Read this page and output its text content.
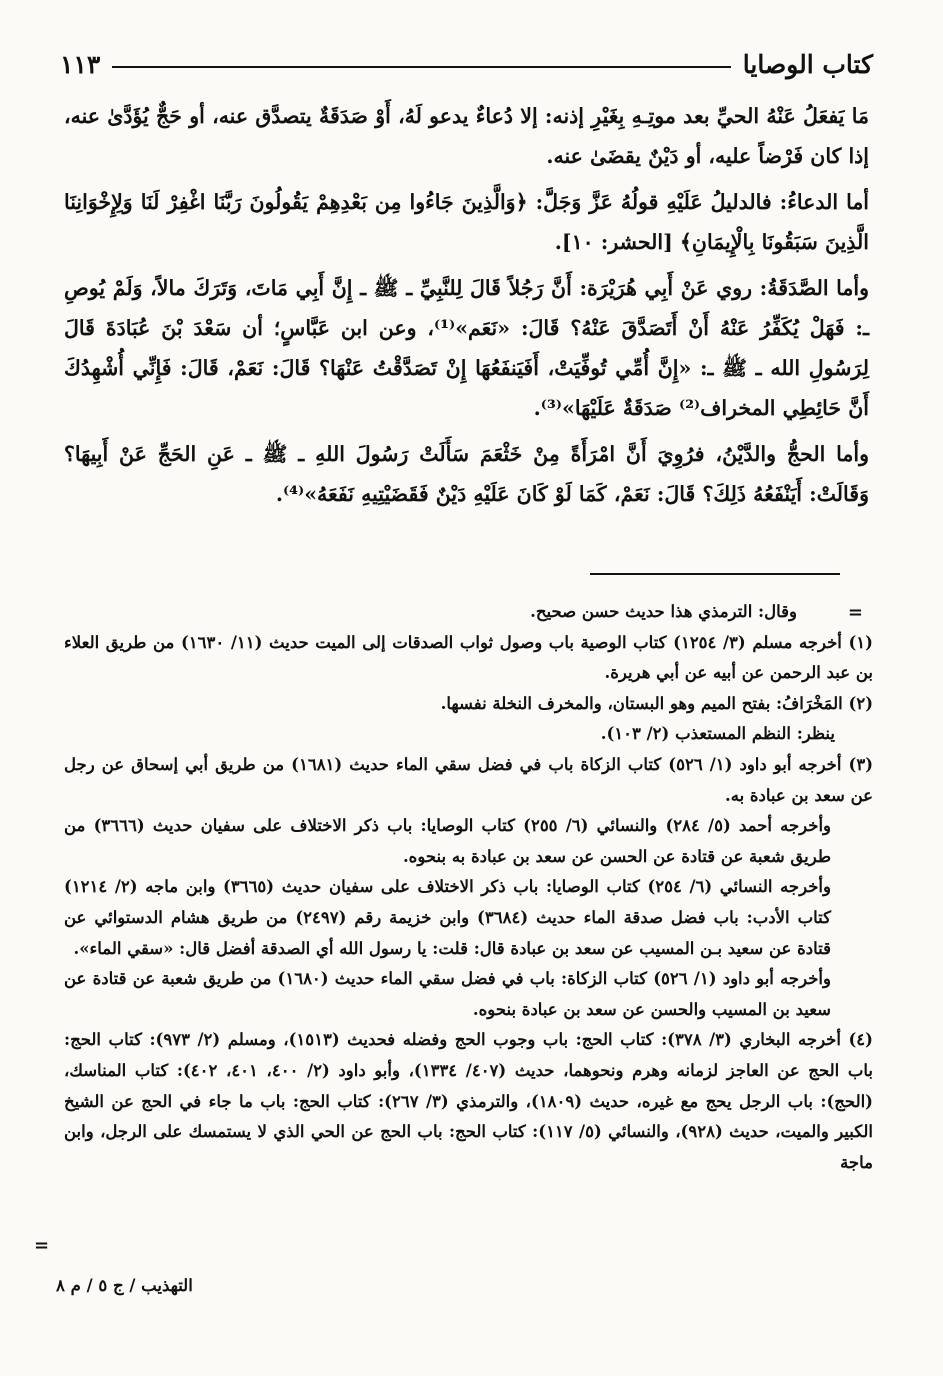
كتاب الوصايا
١١٣

مَا يَفعَلُ عَنْهُ الحيِّ بعد موتِـهِ بِغَيْرِ إذنه: إلا دُعاءٌ يدعو لَهُ، أَوْ صَدَقَةٌ يتصدَّق عنه، أو حَجٌّ يُؤَدَّىٰ عنه، إذا كان فَرْضاً عليه، أو دَيْنٌ يقضَىٰ عنه.

أما الدعاءُ: فالدليلُ عَلَيْهِ قولُهُ عَزَّ وَجَلَّ: ﴿وَالَّذِينَ جَاءُوا مِن بَعْدِهِمْ يَقُولُونَ رَبَّنَا اغْفِرْ لَنَا وَلِإِخْوَانِنَا الَّذِينَ سَبَقُونَا بِالْإِيمَانِ﴾ [الحشر: ١٠].

وأما الصَّدَقَةُ: روي عَنْ أَبِي هُرَيْرَة: أَنَّ رَجُلاً قَالَ لِلنَّبِيِّ ـ ﷺ ـ إِنَّ أَبِي مَاتَ، وَتَرَكَ مالاً، وَلَمْ يُوصِ ـ: فَهَلْ يُكَفِّرُ عَنْهُ أَنْ أَتَصَدَّقَ عَنْهُ؟ قَالَ: «نَعَم»⁽¹⁾، وعن ابن عَبَّاسٍ؛ أن سَعْدَ بْنَ عُبَادَةَ قَالَ لِرَسُولِ الله ـ ﷺ ـ: «إِنَّ أُمِّي تُوفِّيَتْ، أَفَيَنفَعُهَا إِنْ تَصَدَّقْتُ عَنْهَا؟ قَالَ: نَعَمْ، قَالَ: فَإِنِّي أُشْهِدُكَ أَنَّ حَائِطِي المخراف⁽²⁾ صَدَقَةٌ عَلَيْهَا»⁽³⁾.

وأما الحجُّ والدَّيْنُ، فرُوِيَ أَنَّ امْرَأَةً مِنْ خَثْعَمَ سَأَلَتْ رَسُولَ اللهِ ـ ﷺ ـ عَنِ الحَجِّ عَنْ أَبِيهَا؟ وَقَالَتْ: أَيَنْفَعُهُ ذَلِكَ؟ قَالَ: نَعَمْ، كَمَا لَوْ كَانَ عَلَيْهِ دَيْنٌ فَقَضَيْتِيهِ نَفَعَهُ»⁽⁴⁾.

=

وقال: الترمذي هذا حديث حسن صحيح.

(١) أخرجه مسلم (٣/ ١٢٥٤) كتاب الوصية باب وصول ثواب الصدقات إلى الميت حديث (١١/ ١٦٣٠) من طريق العلاء بن عبد الرحمن عن أبيه عن أبي هريرة.

(٢) المَخْرَافُ: بفتح الميم وهو البستان، والمخرف النخلة نفسها.

ينظر: النظم المستعذب (٢/ ١٠٣).

(٣) أخرجه أبو داود (١/ ٥٢٦) كتاب الزكاة باب في فضل سقي الماء حديث (١٦٨١) من طريق أبي إسحاق عن رجل عن سعد بن عبادة به.

وأخرجه أحمد (٥/ ٢٨٤) والنسائي (٦/ ٢٥٥) كتاب الوصايا: باب ذكر الاختلاف على سفيان حديث (٣٦٦٦) من طريق شعبة عن قتادة عن الحسن عن سعد بن عبادة به بنحوه.

وأخرجه النسائي (٦/ ٢٥٤) كتاب الوصايا: باب ذكر الاختلاف على سفيان حديث (٣٦٦٥) وابن ماجه (٢/ ١٢١٤) كتاب الأدب: باب فضل صدقة الماء حديث (٣٦٨٤) وابن خزيمة رقم (٢٤٩٧) من طريق هشام الدستوائي عن قتادة عن سعيد بـن المسيب عن سعد بن عبادة قال: قلت: يا رسول الله أي الصدقة أفضل قال: «سقي الماء».

وأخرجه أبو داود (١/ ٥٢٦) كتاب الزكاة: باب في فضل سقي الماء حديث (١٦٨٠) من طريق شعبة عن قتادة عن سعيد بن المسيب والحسن عن سعد بن عبادة بنحوه.

(٤) أخرجه البخاري (٣/ ٣٧٨): كتاب الحج: باب وجوب الحج وفضله فحديث (١٥١٣)، ومسلم (٢/ ٩٧٣): كتاب الحج: باب الحج عن العاجز لزمانه وهرم ونحوهما، حديث (٤٠٧/ ١٣٣٤)، وأبو داود (٢/ ٤٠٠، ٤٠١، ٤٠٢): كتاب المناسك، (الحج): باب الرجل يحج مع غيره، حديث (١٨٠٩)، والترمذي (٣/ ٢٦٧): كتاب الحج: باب ما جاء في الحج عن الشيخ الكبير والميت، حديث (٩٢٨)، والنسائي (٥/ ١١٧): كتاب الحج: باب الحج عن الحي الذي لا يستمسك على الرجل، وابن ماجة

=
التهذيب / ج ٥ / م ٨
